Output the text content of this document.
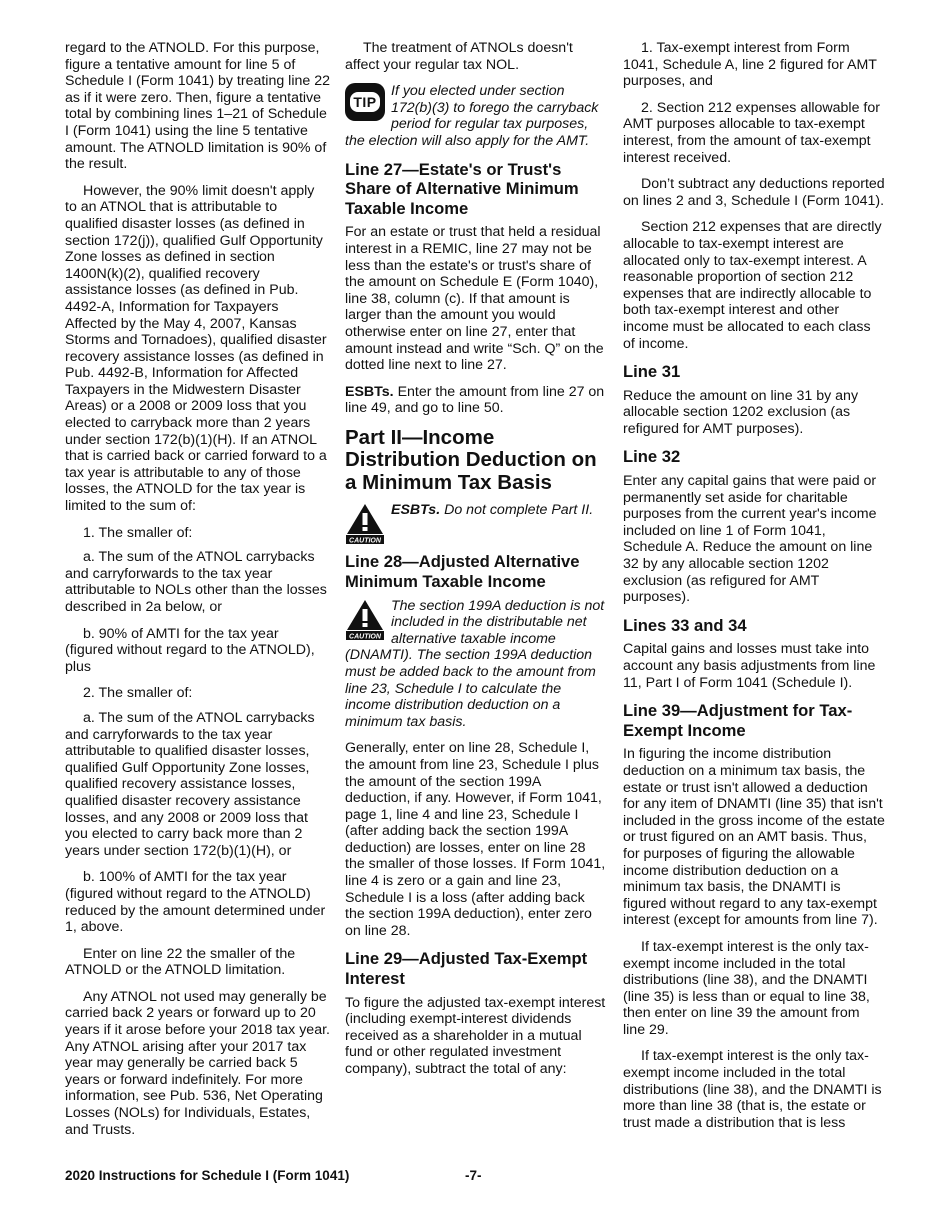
regard to the ATNOLD. For this purpose, figure a tentative amount for line 5 of Schedule I (Form 1041) by treating line 22 as if it were zero. Then, figure a tentative total by combining lines 1–21 of Schedule I (Form 1041) using the line 5 tentative amount. The ATNOLD limitation is 90% of the result.

However, the 90% limit doesn't apply to an ATNOL that is attributable to qualified disaster losses (as defined in section 172(j)), qualified Gulf Opportunity Zone losses as defined in section 1400N(k)(2), qualified recovery assistance losses (as defined in Pub. 4492-A, Information for Taxpayers Affected by the May 4, 2007, Kansas Storms and Tornadoes), qualified disaster recovery assistance losses (as defined in Pub. 4492-B, Information for Affected Taxpayers in the Midwestern Disaster Areas) or a 2008 or 2009 loss that you elected to carryback more than 2 years under section 172(b)(1)(H). If an ATNOL that is carried back or carried forward to a tax year is attributable to any of those losses, the ATNOLD for the tax year is limited to the sum of:

1. The smaller of:

a. The sum of the ATNOL carrybacks and carryforwards to the tax year attributable to NOLs other than the losses described in 2a below, or

b. 90% of AMTI for the tax year (figured without regard to the ATNOLD), plus

2. The smaller of:

a. The sum of the ATNOL carrybacks and carryforwards to the tax year attributable to qualified disaster losses, qualified Gulf Opportunity Zone losses, qualified recovery assistance losses, qualified disaster recovery assistance losses, and any 2008 or 2009 loss that you elected to carry back more than 2 years under section 172(b)(1)(H), or

b. 100% of AMTI for the tax year (figured without regard to the ATNOLD) reduced by the amount determined under 1, above.

Enter on line 22 the smaller of the ATNOLD or the ATNOLD limitation.

Any ATNOL not used may generally be carried back 2 years or forward up to 20 years if it arose before your 2018 tax year. Any ATNOL arising after your 2017 tax year may generally be carried back 5 years or forward indefinitely. For more information, see Pub. 536, Net Operating Losses (NOLs) for Individuals, Estates, and Trusts.

The treatment of ATNOLs doesn't affect your regular tax NOL.

TIP
If you elected under section 172(b)(3) to forego the carryback period for regular tax purposes, the election will also apply for the AMT.
Line 27—Estate's or Trust's Share of Alternative Minimum Taxable Income

For an estate or trust that held a residual interest in a REMIC, line 27 may not be less than the estate's or trust's share of the amount on Schedule E (Form 1040), line 38, column (c). If that amount is larger than the amount you would otherwise enter on line 27, enter that amount instead and write “Sch. Q” on the dotted line next to line 27.

ESBTs. Enter the amount from line 27 on line 49, and go to line 50.

Part II—Income Distribution Deduction on a Minimum Tax Basis
CAUTION
ESBTs. Do not complete Part II.
Line 28—Adjusted Alternative Minimum Taxable Income
CAUTION
The section 199A deduction is not included in the distributable net alternative taxable income (DNAMTI). The section 199A deduction must be added back to the amount from line 23, Schedule I to calculate the income distribution deduction on a minimum tax basis.

Generally, enter on line 28, Schedule I, the amount from line 23, Schedule I plus the amount of the section 199A deduction, if any. However, if Form 1041, page 1, line 4 and line 23, Schedule I (after adding back the section 199A deduction) are losses, enter on line 28 the smaller of those losses. If Form 1041, line 4 is zero or a gain and line 23, Schedule I is a loss (after adding back the section 199A deduction), enter zero on line 28.

Line 29—Adjusted Tax-Exempt Interest

To figure the adjusted tax-exempt interest (including exempt-interest dividends received as a shareholder in a mutual fund or other regulated investment company), subtract the total of any:

1. Tax-exempt interest from Form 1041, Schedule A, line 2 figured for AMT purposes, and

2. Section 212 expenses allowable for AMT purposes allocable to tax-exempt interest, from the amount of tax-exempt interest received.

Don’t subtract any deductions reported on lines 2 and 3, Schedule I (Form 1041).

Section 212 expenses that are directly allocable to tax-exempt interest are allocated only to tax-exempt interest. A reasonable proportion of section 212 expenses that are indirectly allocable to both tax-exempt interest and other income must be allocated to each class of income.

Line 31

Reduce the amount on line 31 by any allocable section 1202 exclusion (as refigured for AMT purposes).

Line 32

Enter any capital gains that were paid or permanently set aside for charitable purposes from the current year's income included on line 1 of Form 1041, Schedule A. Reduce the amount on line 32 by any allocable section 1202 exclusion (as refigured for AMT purposes).

Lines 33 and 34

Capital gains and losses must take into account any basis adjustments from line 11, Part I of Form 1041 (Schedule I).

Line 39—Adjustment for Tax-Exempt Income

In figuring the income distribution deduction on a minimum tax basis, the estate or trust isn't allowed a deduction for any item of DNAMTI (line 35) that isn't included in the gross income of the estate or trust figured on an AMT basis. Thus, for purposes of figuring the allowable income distribution deduction on a minimum tax basis, the DNAMTI is figured without regard to any tax-exempt interest (except for amounts from line 7).

If tax-exempt interest is the only tax-exempt income included in the total distributions (line 38), and the DNAMTI (line 35) is less than or equal to line 38, then enter on line 39 the amount from line 29.

If tax-exempt interest is the only tax-exempt income included in the total distributions (line 38), and the DNAMTI is more than line 38 (that is, the estate or trust made a distribution that is less

2020 Instructions for Schedule I (Form 1041)	-7-
